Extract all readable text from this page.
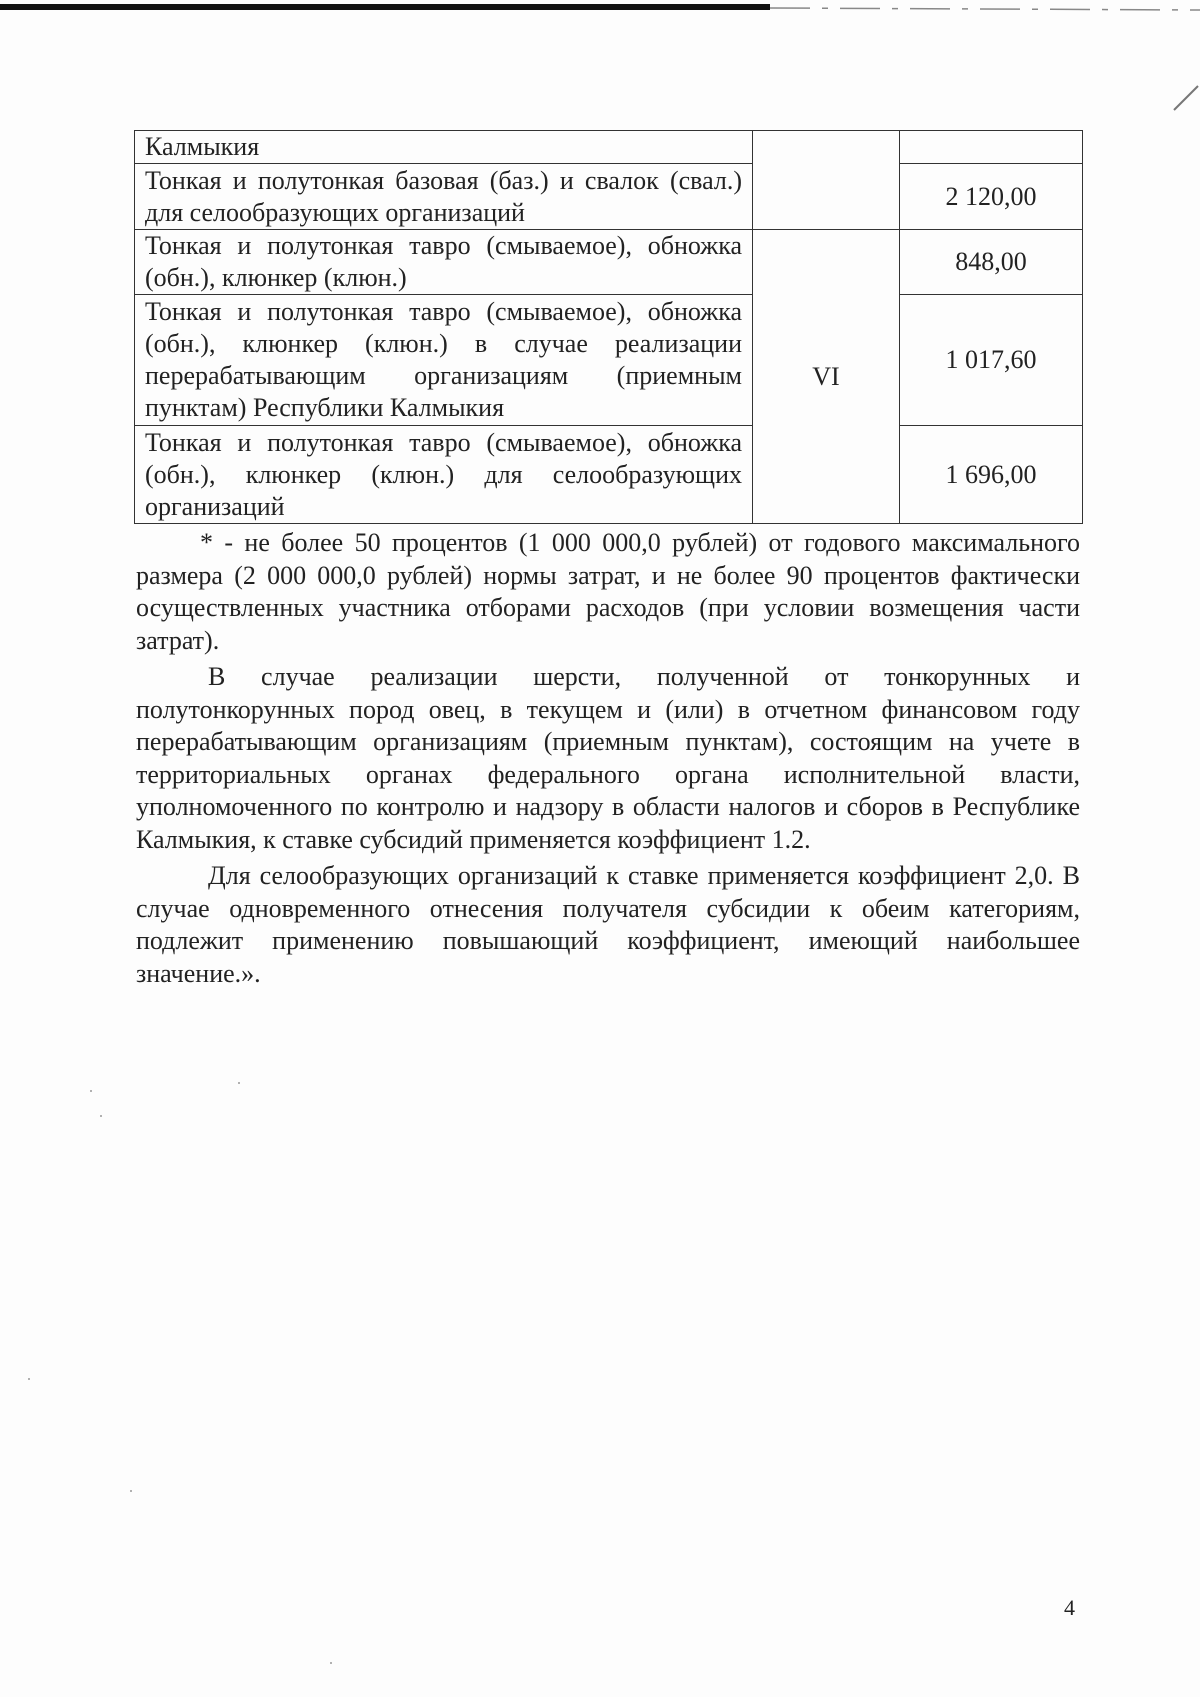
Калмыкия		
Тонкая и полутонкая базовая (баз.) и свалок (свал.) для селообразующих организаций		2 120,00
Тонкая и полутонкая тавро (смываемое), обножка (обн.), клюнкер (клюн.)	VI	848,00
Тонкая и полутонкая тавро (смываемое), обножка (обн.), клюнкер (клюн.) в случае реализации перерабатывающим организациям (приемным пунктам) Республики Калмыкия		1 017,60
Тонкая и полутонкая тавро (смываемое), обножка (обн.), клюнкер (клюн.) для селообразующих организаций		1 696,00

* - не более 50 процентов (1 000 000,0 рублей) от годового максимального размера (2 000 000,0 рублей) нормы затрат, и не более 90 процентов фактически осуществленных участника отборами расходов (при условии возмещения части затрат).

В случае реализации шерсти, полученной от тонкорунных и полутонкорунных пород овец, в текущем и (или) в отчетном финансовом году перерабатывающим организациям (приемным пунктам), состоящим на учете в территориальных органах федерального органа исполнительной власти, уполномоченного по контролю и надзору в области налогов и сборов в Республике Калмыкия, к ставке субсидий применяется коэффициент 1.2.

Для селообразующих организаций к ставке применяется коэффициент 2,0. В случае одновременного отнесения получателя субсидии к обеим категориям, подлежит применению повышающий коэффициент, имеющий наибольшее значение.».

4
